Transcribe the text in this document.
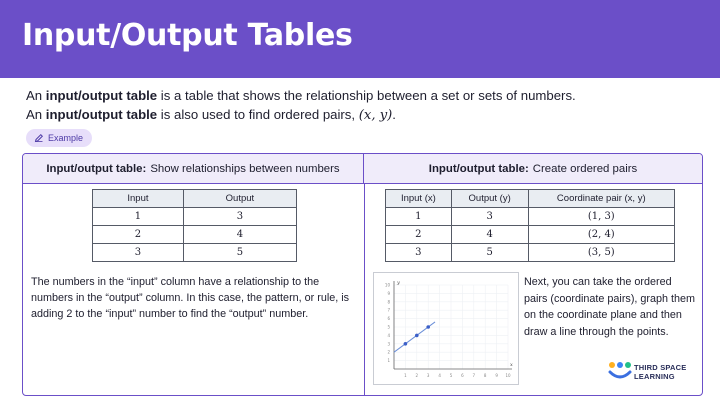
Input/Output Tables
An input/output table is a table that shows the relationship between a set or sets of numbers.
An input/output table is also used to find ordered pairs, (x, y).
Example
Input/output table: Show relationships between numbers	Input/output table: Create ordered pairs
Input	Output
1	3
2	4
3	5
Input (x)	Output (y)	Coordinate pair (x, y)
1	3	(1, 3)
2	4	(2, 4)
3	5	(3, 5)
The numbers in the “input” column have a relationship to the numbers in the “output” column. In this case, the pattern, or rule, is adding 2 to the “input” number to find the “output” number.
1 2 3 4 5 6 7 8 9 10
1
2
3
4
5
6
7
8
9
10
x
y	Next, you can take the ordered pairs (coordinate pairs), graph them on the coordinate plane and then draw a line through the points.
THIRD SPACE
LEARNING
